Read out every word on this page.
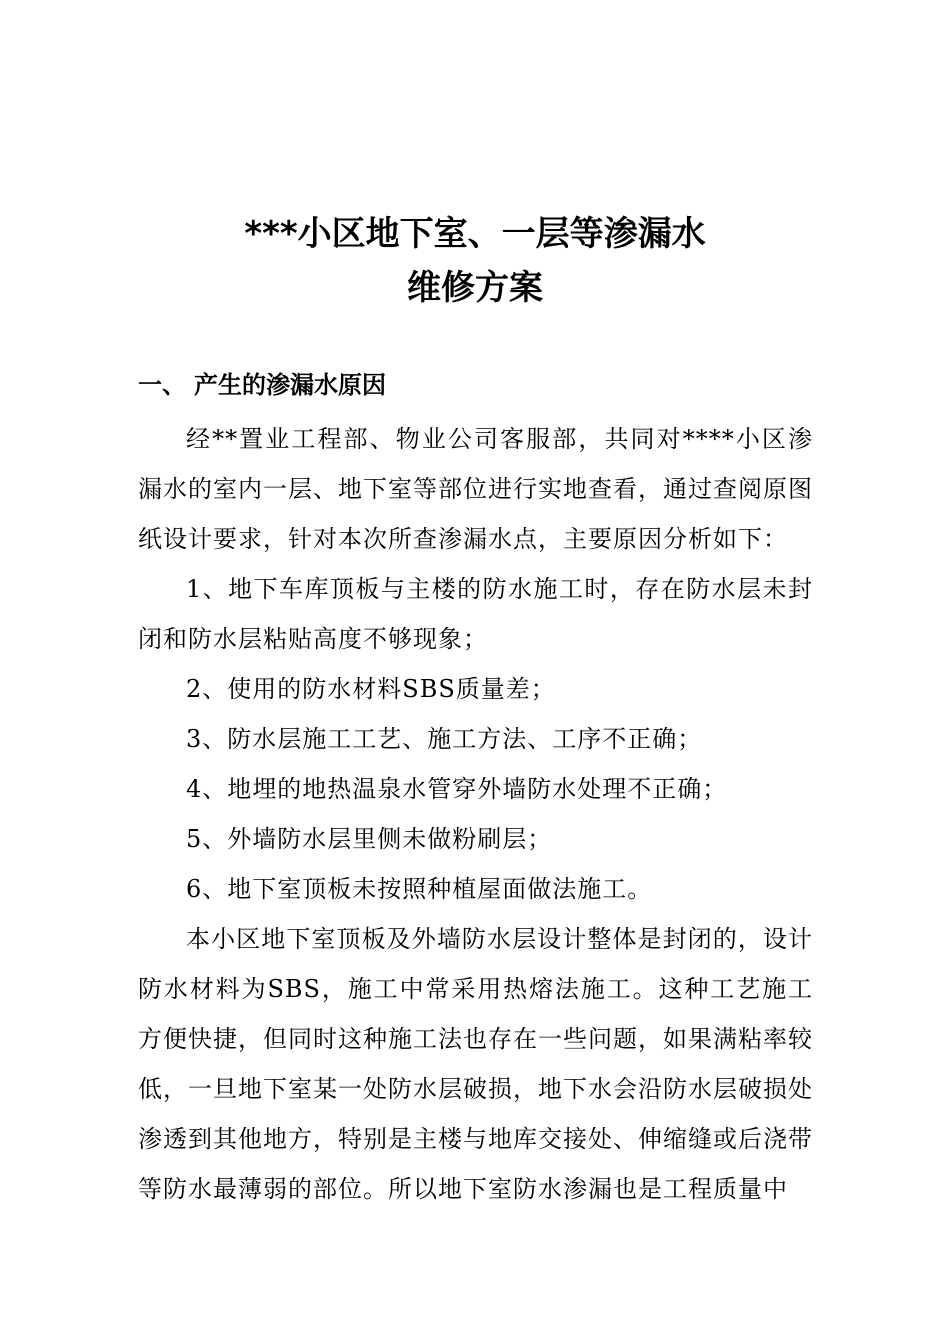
***小区地下室、一层等渗漏水
维修方案
一、 产生的渗漏水原因

经**置业工程部、物业公司客服部，共同对****小区渗漏水的室内一层、地下室等部位进行实地查看，通过查阅原图纸设计要求，针对本次所查渗漏水点，主要原因分析如下：

1、地下车库顶板与主楼的防水施工时，存在防水层未封闭和防水层粘贴高度不够现象；

2、使用的防水材料SBS质量差；

3、防水层施工工艺、施工方法、工序不正确；

4、地埋的地热温泉水管穿外墙防水处理不正确；

5、外墙防水层里侧未做粉刷层；

6、地下室顶板未按照种植屋面做法施工。

本小区地下室顶板及外墙防水层设计整体是封闭的，设计防水材料为SBS，施工中常采用热熔法施工。这种工艺施工方便快捷，但同时这种施工法也存在一些问题，如果满粘率较低，一旦地下室某一处防水层破损，地下水会沿防水层破损处渗透到其他地方，特别是主楼与地库交接处、伸缩缝或后浇带等防水最薄弱的部位。所以地下室防水渗漏也是工程质量中
